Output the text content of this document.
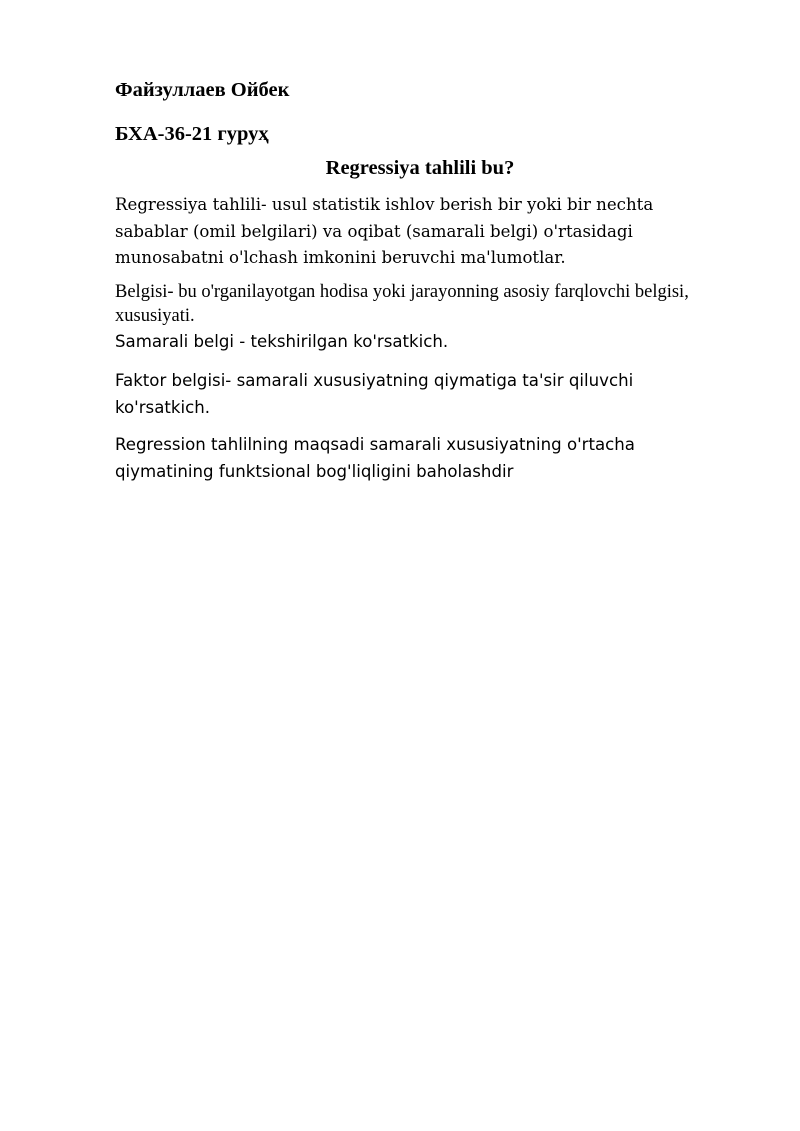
Файзуллаев Ойбек

БХА-36-21 гуруҳ

Regressiya tahlili bu?

Regressiya tahlili- usul statistik ishlov berish bir yoki bir nechta sabablar (omil belgilari) va oqibat (samarali belgi) o'rtasidagi munosabatni o'lchash imkonini beruvchi ma'lumotlar.

Belgisi- bu o'rganilayotgan hodisa yoki jarayonning asosiy farqlovchi belgisi, xususiyati.

Samarali belgi - tekshirilgan ko'rsatkich.

Faktor belgisi- samarali xususiyatning qiymatiga ta'sir qiluvchi ko'rsatkich.

Regression tahlilning maqsadi samarali xususiyatning o'rtacha qiymatining funktsional bog'liqligini baholashdir
